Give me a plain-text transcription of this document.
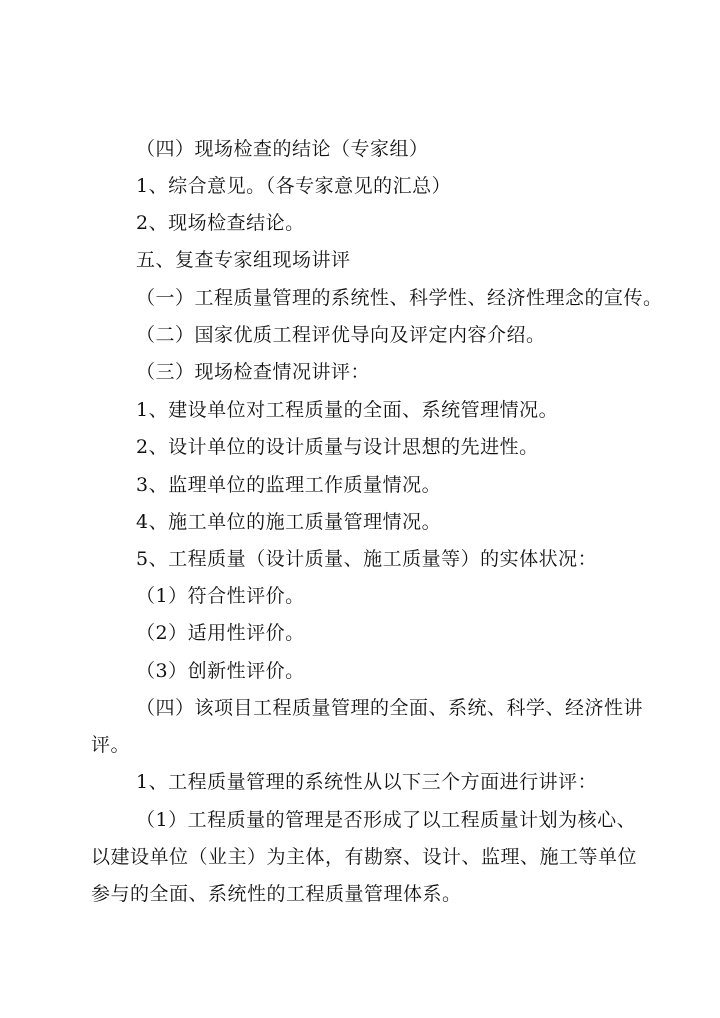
（四）现场检查的结论（专家组）
1、综合意见。（各专家意见的汇总）
2、现场检查结论。
五、复查专家组现场讲评
（一）工程质量管理的系统性、科学性、经济性理念的宣传。
（二）国家优质工程评优导向及评定内容介绍。
（三）现场检查情况讲评：
1、建设单位对工程质量的全面、系统管理情况。
2、设计单位的设计质量与设计思想的先进性。
3、监理单位的监理工作质量情况。
4、施工单位的施工质量管理情况。
5、工程质量（设计质量、施工质量等）的实体状况：
（1）符合性评价。
（2）适用性评价。
（3）创新性评价。
（四）该项目工程质量管理的全面、系统、科学、经济性讲
评。
1、工程质量管理的系统性从以下三个方面进行讲评：
（1）工程质量的管理是否形成了以工程质量计划为核心、
以建设单位（业主）为主体，有勘察、设计、监理、施工等单位
参与的全面、系统性的工程质量管理体系。
